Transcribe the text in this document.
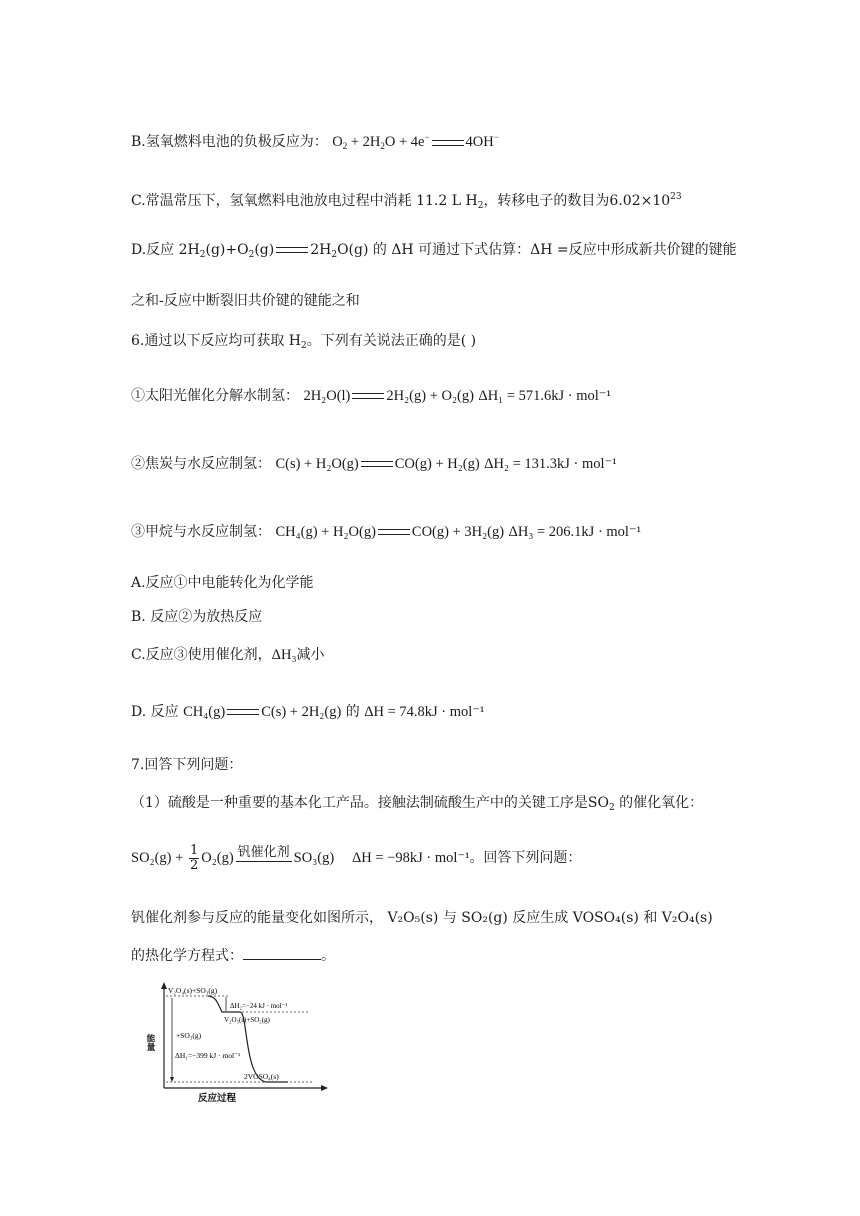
B.氢氧燃料电池的负极反应为： $O_2 + 2H_2O + 4e^-$ 4OH−
C.常温常压下，氢氧燃料电池放电过程中消耗 11.2 L $H_2$，转移电子的数目为$6.02\times 10^{23}$
D.反应 $2H_2(g)+O_2(g)$	$2H_2O(g)$ 的 ΔH 可通过下式估算：ΔH =反应中形成新共价键的键能
之和-反应中断裂旧共价键的键能之和
6.通过以下反应均可获取 $H_2$。下列有关说法正确的是( )
①太阳光催化分解水制氢： 2H₂O(l) 2H₂(g) + O₂(g) ΔH₁ = 571.6kJ · mol⁻¹
②焦炭与水反应制氢： C(s) + H₂O(g) CO(g) + H₂(g) ΔH₂ = 131.3kJ · mol⁻¹
③甲烷与水反应制氢： CH₄(g) + H₂O(g) CO(g) + 3H₂(g) ΔH₃ = 206.1kJ · mol⁻¹
A.反应①中电能转化为化学能
B. 反应②为放热反应
C.反应③使用催化剂，ΔH₃减小
D. 反应 CH₄(g) C(s) + 2H₂(g) 的 ΔH = 74.8kJ · mol⁻¹
7.回答下列问题：
（1）硫酸是一种重要的基本化工产品。接触法制硫酸生产中的关键工序是$SO_2$ 的催化氧化：
$SO_2(g) + \frac{1}{2} O_2(g)$ 钒催化剂 SO₃(g) ΔH = −98kJ · mol⁻¹。回答下列问题：
钒催化剂参与反应的能量变化如图所示， V₂O₅(s) 与 SO₂(g) 反应生成 VOSO₄(s) 和 V₂O₄(s)
的热化学方程式：	。
能量
反应过程
V₂O₄(s)+SO₃(g)
ΔH₂=−24 kJ · mol⁻¹
V₂O₅(s)+SO₂(g)
+SO₃(g)
ΔH₁=−399 kJ · mol⁻¹
2VOSO₄(s)
